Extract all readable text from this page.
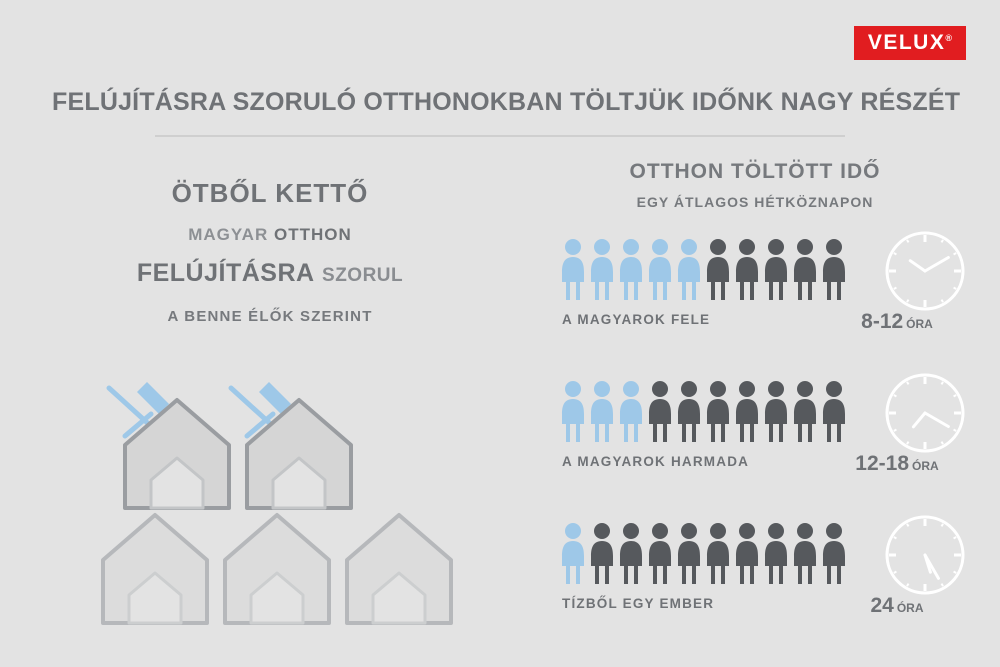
VELUX®
FELÚJÍTÁSRA SZORULÓ OTTHONOKBAN TÖLTJÜK IDŐNK NAGY RÉSZÉT
ÖTBŐL KETTŐ
MAGYAR OTTHON
FELÚJÍTÁSRA SZORUL
A BENNE ÉLŐK SZERINT
OTTHON TÖLTÖTT IDŐ
EGY ÁTLAGOS HÉTKÖZNAPON
A MAGYAROK FELE	8-12 ÓRA
A MAGYAROK HARMADA	12-18 ÓRA
TÍZBŐL EGY EMBER	24 ÓRA
